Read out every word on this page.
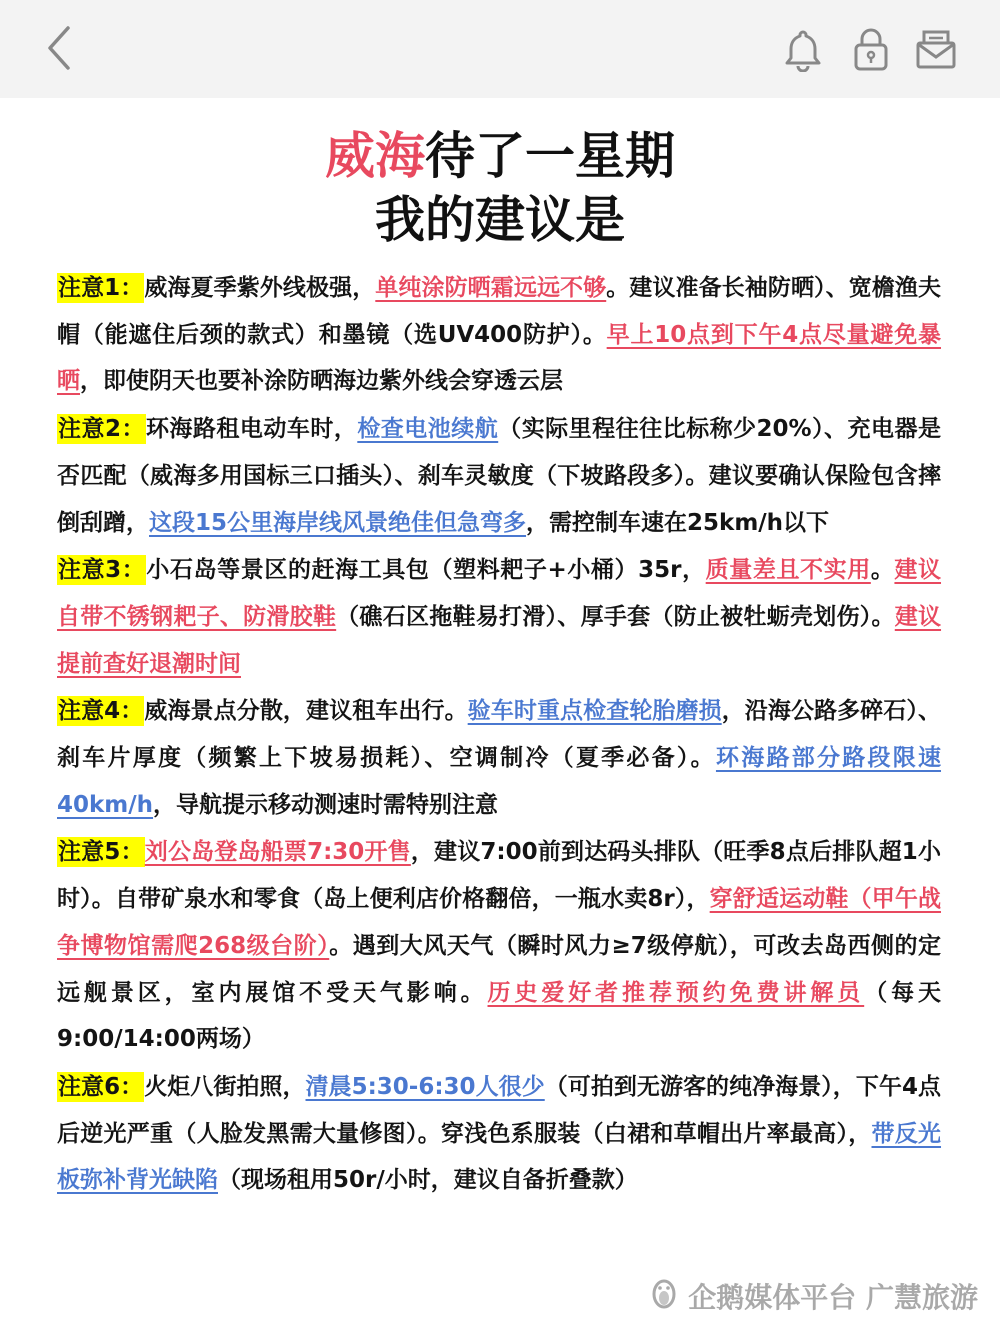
威海待了一星期
我的建议是

注意1：威海夏季紫外线极强，单纯涂防晒霜远远不够。建议准备长袖防晒）、宽檐渔夫帽（能遮住后颈的款式）和墨镜（选UV400防护）。早上10点到下午4点尽量避免暴晒，即使阴天也要补涂防晒海边紫外线会穿透云层

注意2：环海路租电动车时，检查电池续航（实际里程往往比标称少20%）、充电器是否匹配（威海多用国标三口插头）、刹车灵敏度（下坡路段多）。建议要确认保险包含摔倒刮蹭，这段15公里海岸线风景绝佳但急弯多，需控制车速在25km/h以下

注意3：小石岛等景区的赶海工具包（塑料耙子+小桶）35r，质量差且不实用。建议自带不锈钢耙子、防滑胶鞋（礁石区拖鞋易打滑）、厚手套（防止被牡蛎壳划伤）。建议提前查好退潮时间

注意4：威海景点分散，建议租车出行。验车时重点检查轮胎磨损，沿海公路多碎石）、刹车片厚度（频繁上下坡易损耗）、空调制冷（夏季必备）。环海路部分路段限速40km/h，导航提示移动测速时需特别注意

注意5：刘公岛登岛船票7:30开售，建议7:00前到达码头排队（旺季8点后排队超1小时）。自带矿泉水和零食（岛上便利店价格翻倍，一瓶水卖8r），穿舒适运动鞋（甲午战争博物馆需爬268级台阶）。遇到大风天气（瞬时风力≥7级停航），可改去岛西侧的定远舰景区，室内展馆不受天气影响。历史爱好者推荐预约免费讲解员（每天9:00/14:00两场）

注意6：火炬八街拍照，清晨5:30-6:30人很少（可拍到无游客的纯净海景），下午4点后逆光严重（人脸发黑需大量修图）。穿浅色系服装（白裙和草帽出片率最高），带反光板弥补背光缺陷（现场租用50r/小时，建议自备折叠款）

企鹅媒体平台 广慧旅游
